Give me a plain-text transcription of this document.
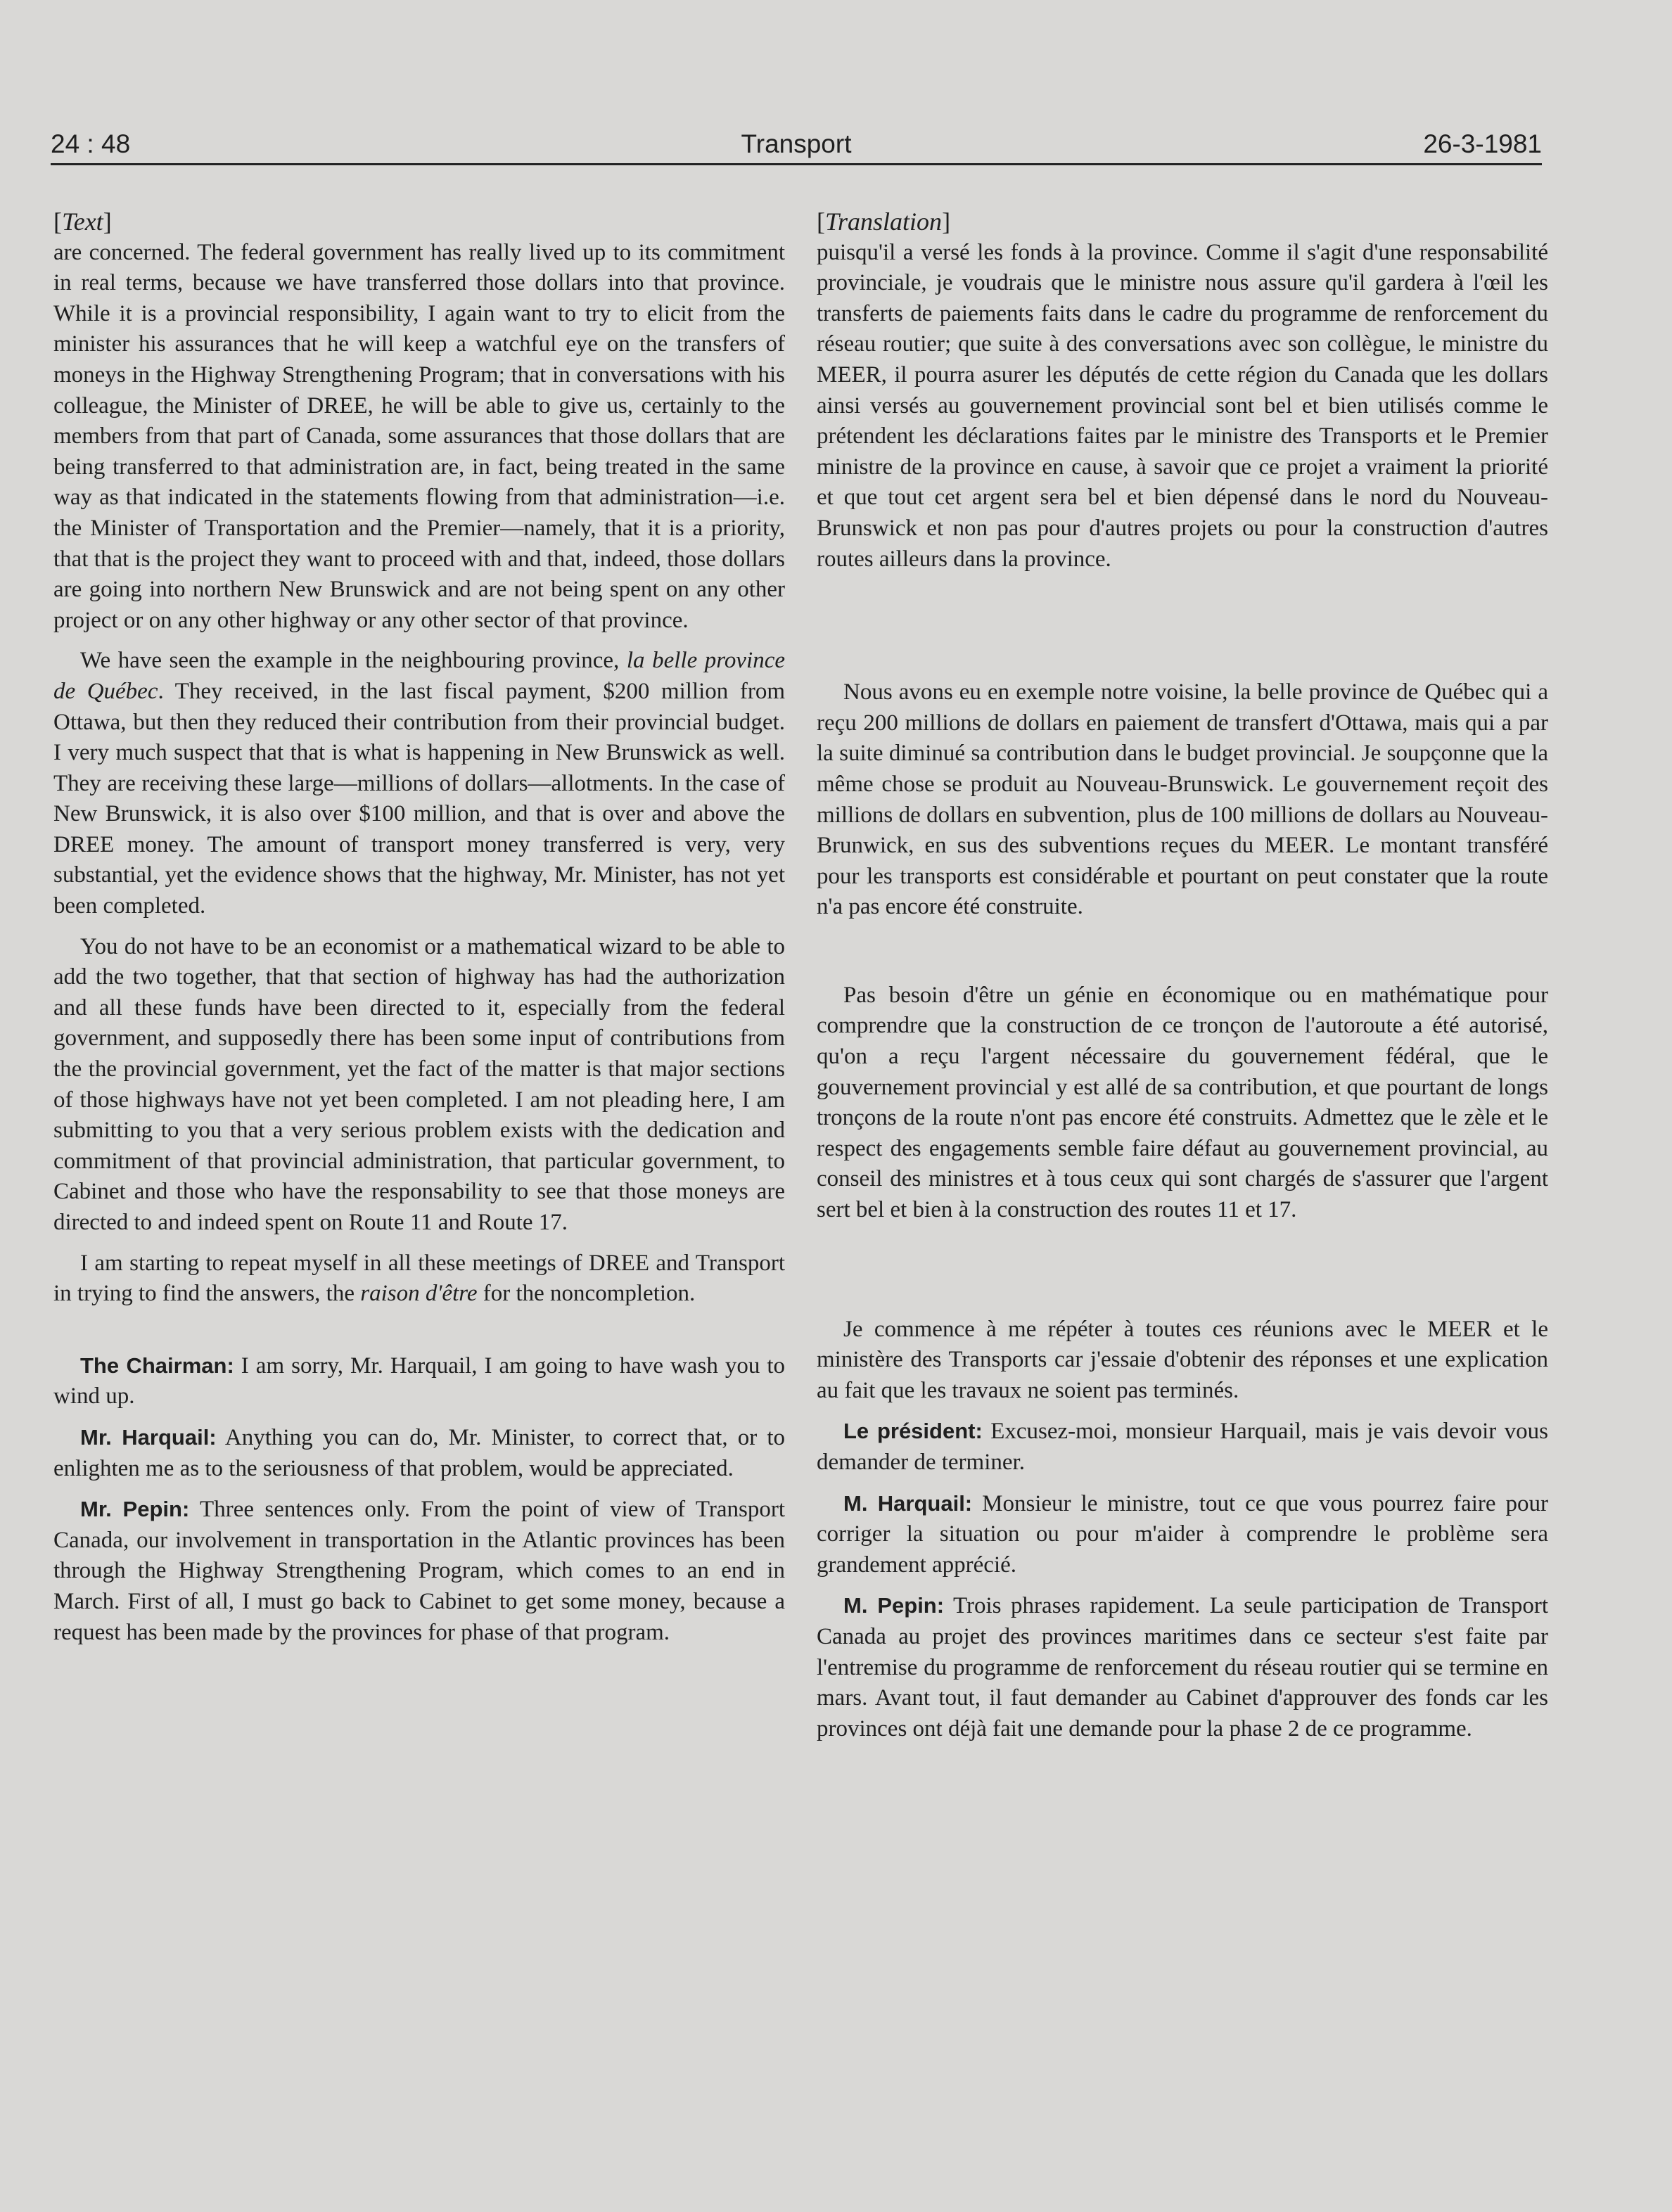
24 : 48	Transport	26-3-1981

[Text]

are concerned. The federal government has really lived up to its commitment in real terms, because we have transferred those dollars into that province. While it is a provincial responsibility, I again want to try to elicit from the minister his assurances that he will keep a watchful eye on the transfers of moneys in the Highway Strengthening Program; that in conversations with his colleague, the Minister of DREE, he will be able to give us, certainly to the members from that part of Canada, some assurances that those dollars that are being transferred to that administration are, in fact, being treated in the same way as that indicated in the statements flowing from that administration—i.e. the Minister of Transportation and the Premier—namely, that it is a priority, that that is the project they want to proceed with and that, indeed, those dollars are going into northern New Brunswick and are not being spent on any other project or on any other highway or any other sector of that province.

We have seen the example in the neighbouring province, la belle province de Québec. They received, in the last fiscal payment, $200 million from Ottawa, but then they reduced their contribution from their provincial budget. I very much suspect that that is what is happening in New Brunswick as well. They are receiving these large—millions of dollars—allotments. In the case of New Brunswick, it is also over $100 million, and that is over and above the DREE money. The amount of transport money transferred is very, very substantial, yet the evidence shows that the highway, Mr. Minister, has not yet been completed.

You do not have to be an economist or a mathematical wizard to be able to add the two together, that that section of highway has had the authorization and all these funds have been directed to it, especially from the federal government, and supposedly there has been some input of contributions from the the provincial government, yet the fact of the matter is that major sections of those highways have not yet been completed. I am not pleading here, I am submitting to you that a very serious problem exists with the dedication and commitment of that provincial administration, that particular government, to Cabinet and those who have the responsability to see that those moneys are directed to and indeed spent on Route 11 and Route 17.

I am starting to repeat myself in all these meetings of DREE and Transport in trying to find the answers, the raison d'être for the noncompletion.

The Chairman: I am sorry, Mr. Harquail, I am going to have wash you to wind up.

Mr. Harquail: Anything you can do, Mr. Minister, to correct that, or to enlighten me as to the seriousness of that problem, would be appreciated.

Mr. Pepin: Three sentences only. From the point of view of Transport Canada, our involvement in transportation in the Atlantic provinces has been through the Highway Strengthening Program, which comes to an end in March. First of all, I must go back to Cabinet to get some money, because a request has been made by the provinces for phase of that program.

[Translation]

puisqu'il a versé les fonds à la province. Comme il s'agit d'une responsabilité provinciale, je voudrais que le ministre nous assure qu'il gardera à l'œil les transferts de paiements faits dans le cadre du programme de renforcement du réseau routier; que suite à des conversations avec son collègue, le ministre du MEER, il pourra asurer les députés de cette région du Canada que les dollars ainsi versés au gouvernement provincial sont bel et bien utilisés comme le prétendent les déclarations faites par le ministre des Transports et le Premier ministre de la province en cause, à savoir que ce projet a vraiment la priorité et que tout cet argent sera bel et bien dépensé dans le nord du Nouveau-Brunswick et non pas pour d'autres projets ou pour la construction d'autres routes ailleurs dans la province.

Nous avons eu en exemple notre voisine, la belle province de Québec qui a reçu 200 millions de dollars en paiement de transfert d'Ottawa, mais qui a par la suite diminué sa contribution dans le budget provincial. Je soupçonne que la même chose se produit au Nouveau-Brunswick. Le gouvernement reçoit des millions de dollars en subvention, plus de 100 millions de dollars au Nouveau-Brunwick, en sus des subventions reçues du MEER. Le montant transféré pour les transports est considérable et pourtant on peut constater que la route n'a pas encore été construite.

Pas besoin d'être un génie en économique ou en mathématique pour comprendre que la construction de ce tronçon de l'autoroute a été autorisé, qu'on a reçu l'argent nécessaire du gouvernement fédéral, que le gouvernement provincial y est allé de sa contribution, et que pourtant de longs tronçons de la route n'ont pas encore été construits. Admettez que le zèle et le respect des engagements semble faire défaut au gouvernement provincial, au conseil des ministres et à tous ceux qui sont chargés de s'assurer que l'argent sert bel et bien à la construction des routes 11 et 17.

Je commence à me répéter à toutes ces réunions avec le MEER et le ministère des Transports car j'essaie d'obtenir des réponses et une explication au fait que les travaux ne soient pas terminés.

Le président: Excusez-moi, monsieur Harquail, mais je vais devoir vous demander de terminer.

M. Harquail: Monsieur le ministre, tout ce que vous pourrez faire pour corriger la situation ou pour m'aider à comprendre le problème sera grandement apprécié.

M. Pepin: Trois phrases rapidement. La seule participation de Transport Canada au projet des provinces maritimes dans ce secteur s'est faite par l'entremise du programme de renforcement du réseau routier qui se termine en mars. Avant tout, il faut demander au Cabinet d'approuver des fonds car les provinces ont déjà fait une demande pour la phase 2 de ce programme.
